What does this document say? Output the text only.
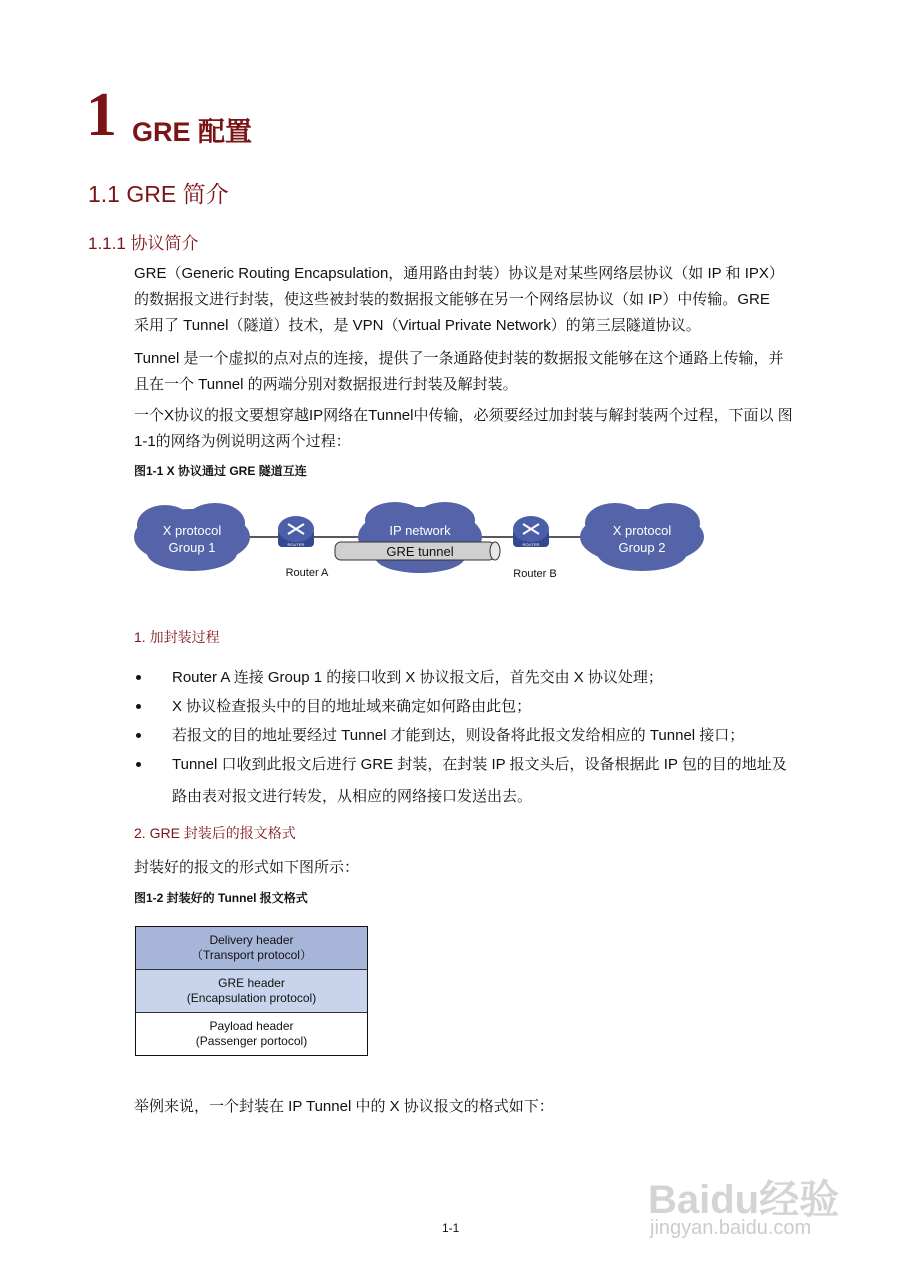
1 GRE 配置
1.1 GRE 简介
1.1.1 协议简介
GRE（Generic Routing Encapsulation，通用路由封装）协议是对某些网络层协议（如 IP 和 IPX）
的数据报文进行封装，使这些被封装的数据报文能够在另一个网络层协议（如 IP）中传输。GRE
采用了 Tunnel（隧道）技术，是 VPN（Virtual Private Network）的第三层隧道协议。
Tunnel 是一个虚拟的点对点的连接，提供了一条通路使封装的数据报文能够在这个通路上传输，并
且在一个 Tunnel 的两端分别对数据报进行封装及解封装。
一个X协议的报文要想穿越IP网络在Tunnel中传输，必须要经过加封装与解封装两个过程，下面以 图
1-1的网络为例说明这两个过程：
图1-1 X 协议通过 GRE 隧道互连
ROUTER	ROUTER
X protocol
Group 1
IP network
GRE tunnel
X protocol
Group 2
Router A	Router B
1. 加封装过程
Router A 连接 Group 1 的接口收到 X 协议报文后，首先交由 X 协议处理；
X 协议检查报头中的目的地址域来确定如何路由此包；
若报文的目的地址要经过 Tunnel 才能到达，则设备将此报文发给相应的 Tunnel 接口；
Tunnel 口收到此报文后进行 GRE 封装，在封装 IP 报文头后，设备根据此 IP 包的目的地址及
路由表对报文进行转发，从相应的网络接口发送出去。
2. GRE 封装后的报文格式
封装好的报文的形式如下图所示：
图1-2 封装好的 Tunnel 报文格式
Delivery header
（Transport protocol）
GRE header
(Encapsulation protocol)
Payload header
(Passenger portocol)
举例来说，一个封装在 IP Tunnel 中的 X 协议报文的格式如下：
1-1
Baidu经验
jingyan.baidu.com
